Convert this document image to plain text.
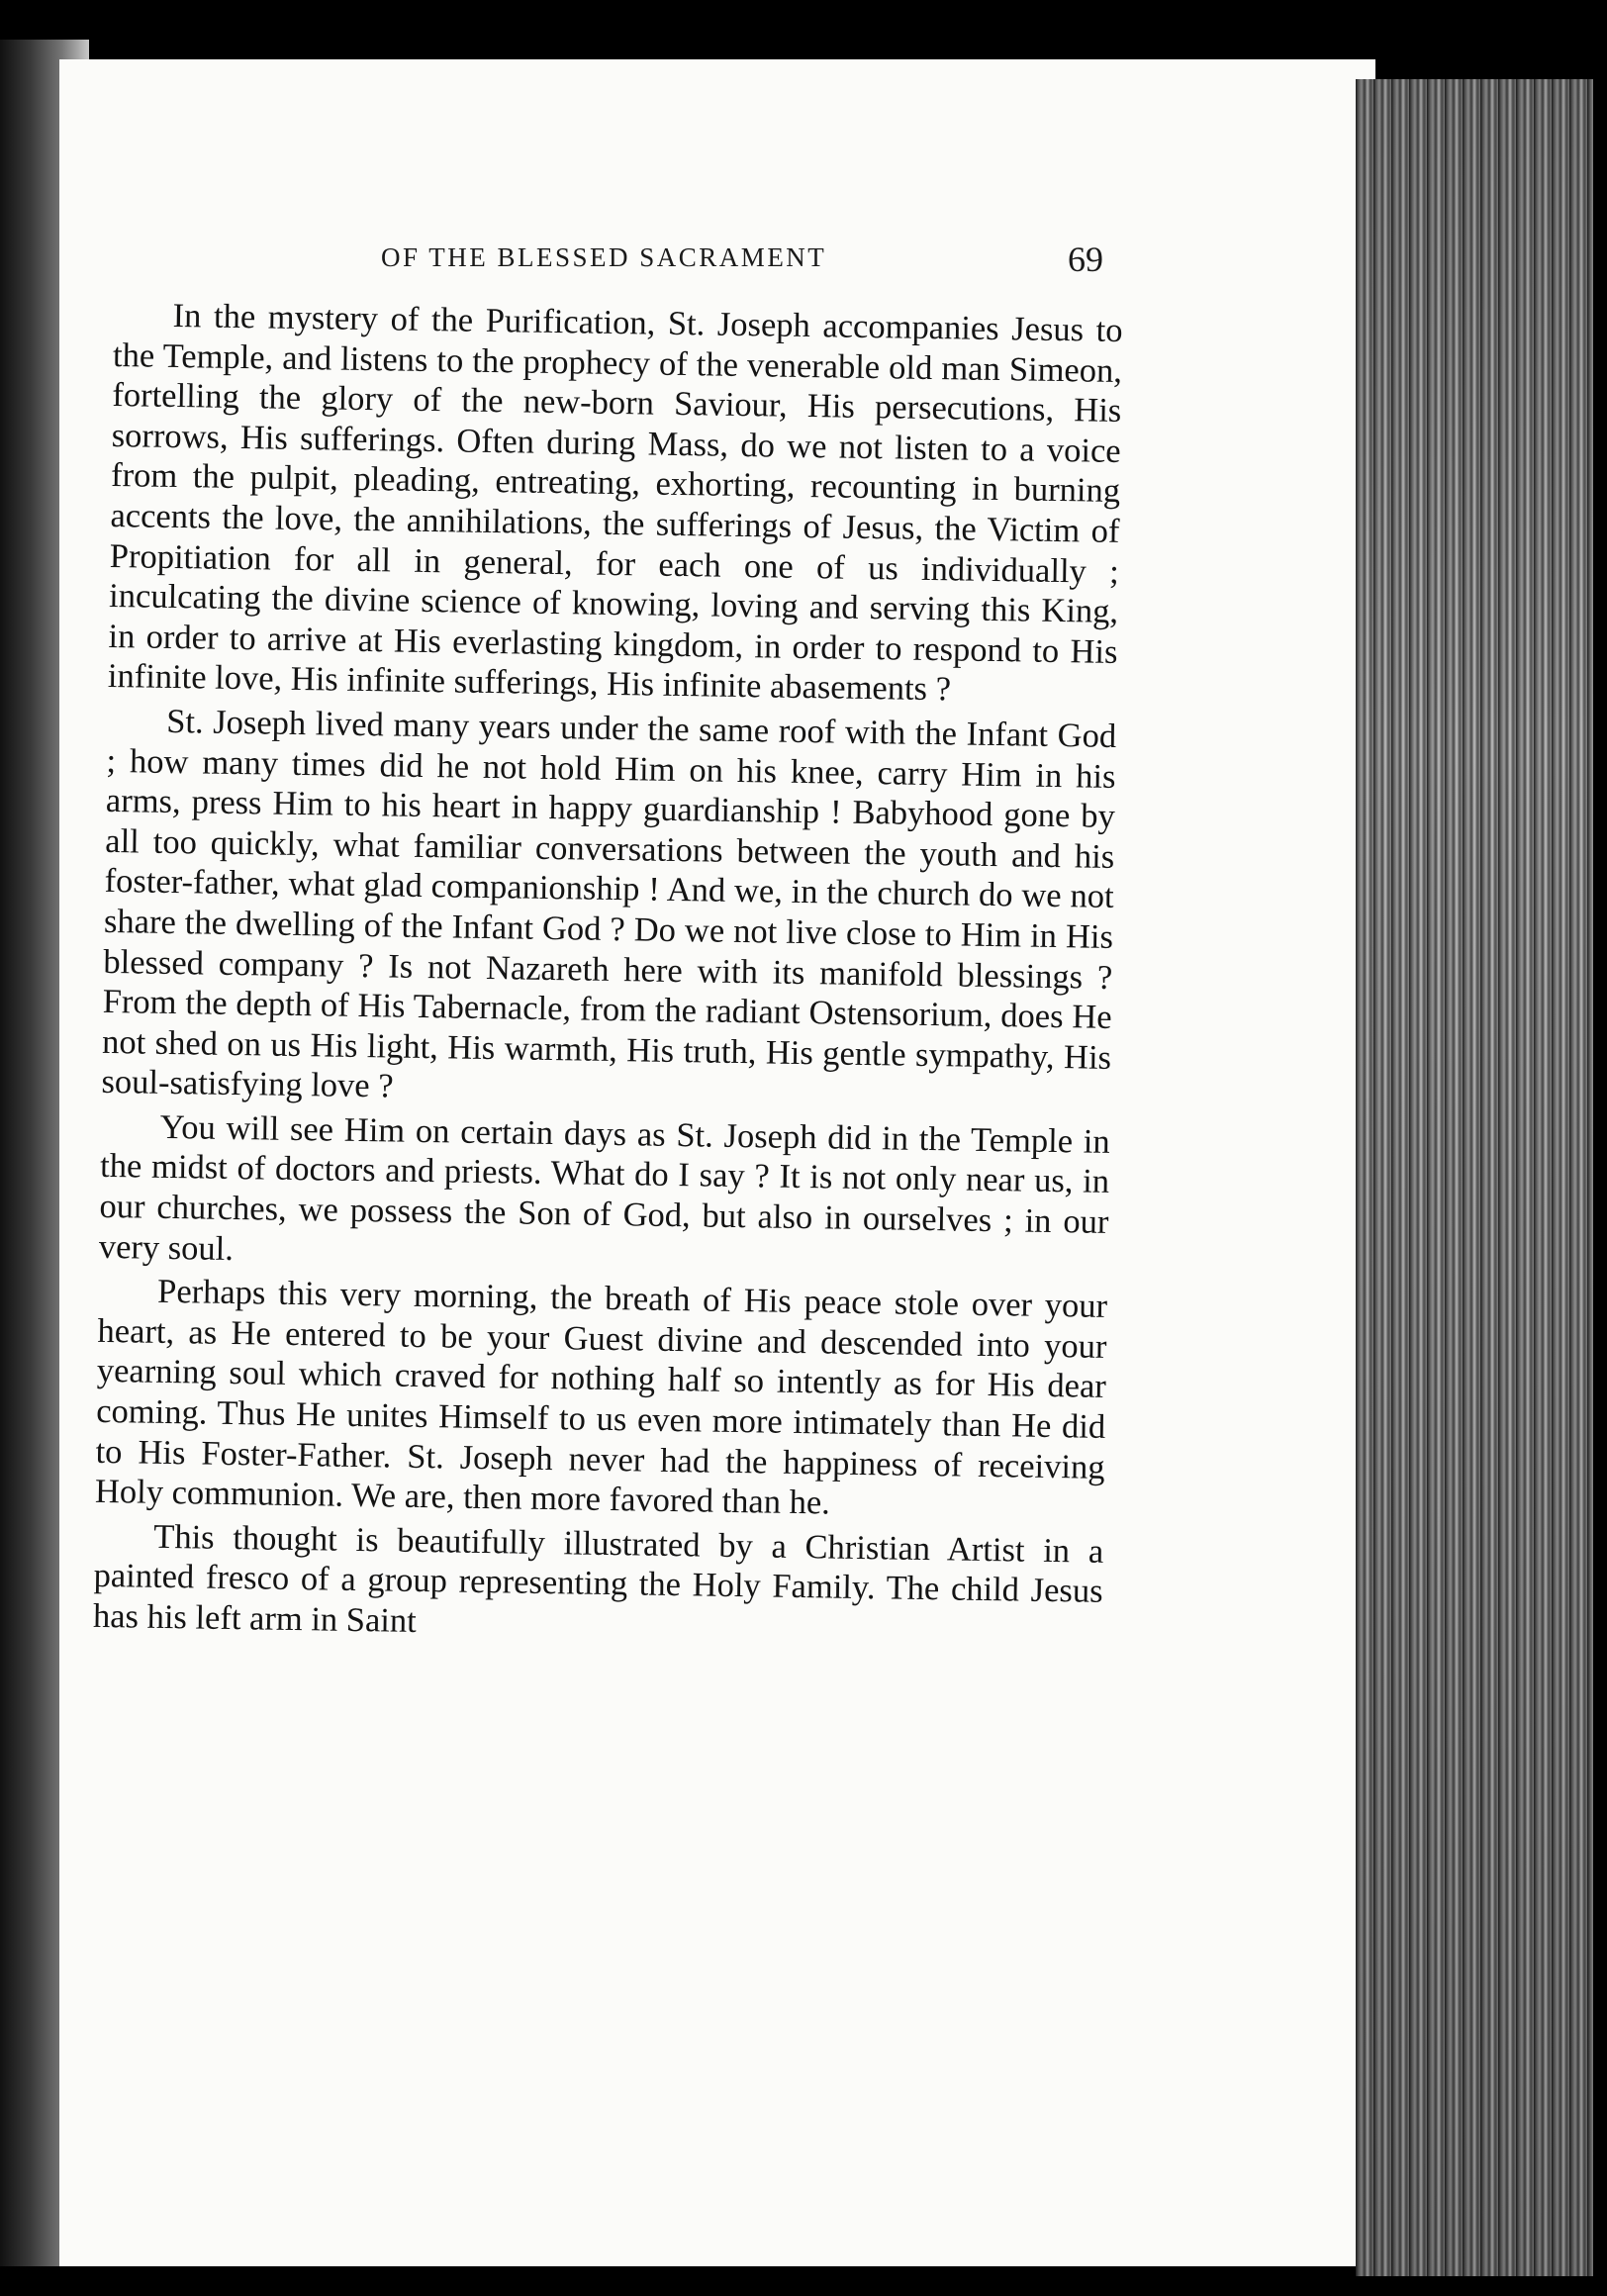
OF THE BLESSED SACRAMENT	69

In the mystery of the Purification, St. Joseph accompanies Jesus to the Temple, and listens to the prophecy of the venerable old man Simeon, fortelling the glory of the new-born Saviour, His persecutions, His sorrows, His sufferings. Often during Mass, do we not listen to a voice from the pulpit, pleading, entreating, exhorting, recounting in burning accents the love, the annihilations, the sufferings of Jesus, the Victim of Propitiation for all in general, for each one of us individually ; inculcating the divine science of knowing, loving and serving this King, in order to arrive at His everlasting kingdom, in order to respond to His infinite love, His infinite sufferings, His infinite abasements ?

St. Joseph lived many years under the same roof with the Infant God ; how many times did he not hold Him on his knee, carry Him in his arms, press Him to his heart in happy guardianship ! Babyhood gone by all too quickly, what familiar conversations between the youth and his foster-father, what glad companionship ! And we, in the church do we not share the dwelling of the Infant God ? Do we not live close to Him in His blessed company ? Is not Nazareth here with its manifold blessings ? From the depth of His Tabernacle, from the radiant Ostensorium, does He not shed on us His light, His warmth, His truth, His gentle sympathy, His soul-satisfying love ?

You will see Him on certain days as St. Joseph did in the Temple in the midst of doctors and priests. What do I say ? It is not only near us, in our churches, we possess the Son of God, but also in ourselves ; in our very soul.

Perhaps this very morning, the breath of His peace stole over your heart, as He entered to be your Guest divine and descended into your yearning soul which craved for nothing half so intently as for His dear coming. Thus He unites Himself to us even more intimately than He did to His Foster-Father. St. Joseph never had the happiness of receiving Holy communion. We are, then more favored than he.

This thought is beautifully illustrated by a Christian Artist in a painted fresco of a group representing the Holy Family. The child Jesus has his left arm in Saint
